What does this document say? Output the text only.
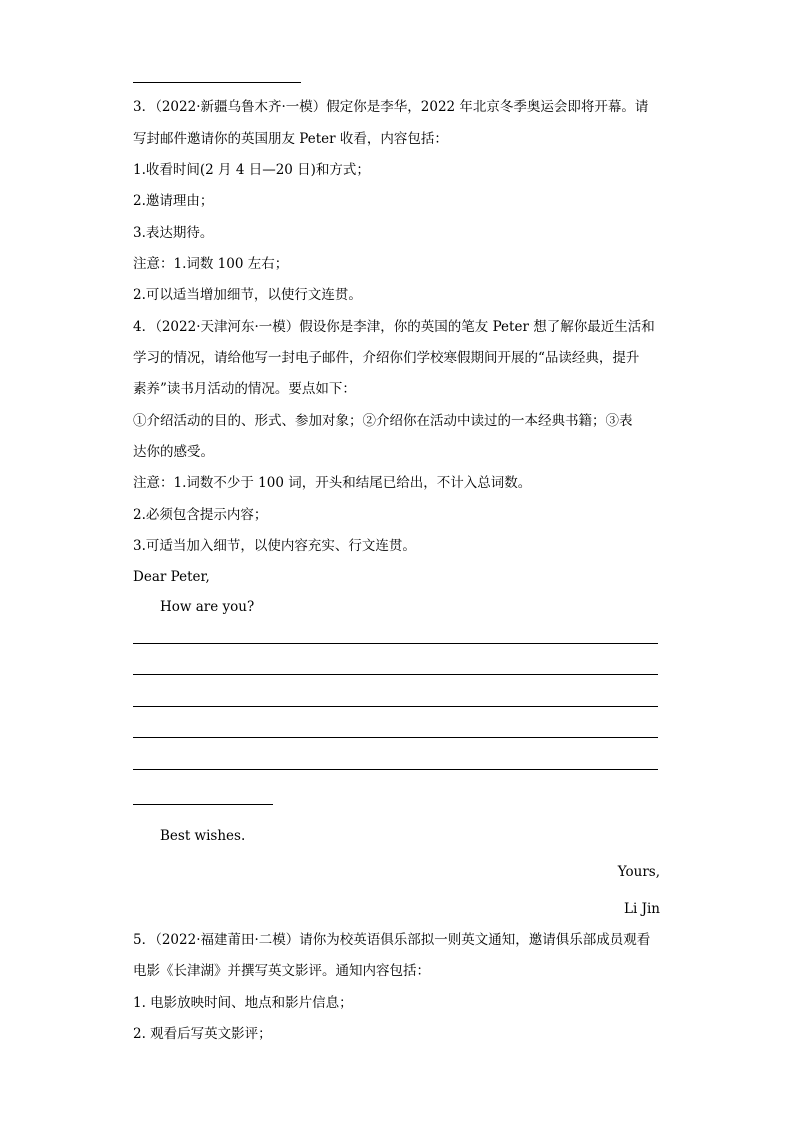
3．（2022·新疆乌鲁木齐·一模）假定你是李华，2022 年北京冬季奥运会即将开幕。请
写封邮件邀请你的英国朋友 Peter 收看，内容包括：
1.收看时间(2 月 4 日—20 日)和方式；
2.邀请理由；
3.表达期待。
注意：1.词数 100 左右；
2.可以适当增加细节，以使行文连贯。
4．（2022·天津河东·一模）假设你是李津，你的英国的笔友 Peter 想了解你最近生活和
学习的情况，请给他写一封电子邮件，介绍你们学校寒假期间开展的“品读经典，提升
素养”读书月活动的情况。要点如下：
①介绍活动的目的、形式、参加对象；②介绍你在活动中读过的一本经典书籍；③表
达你的感受。
注意：1.词数不少于 100 词，开头和结尾已给出，不计入总词数。
2.必须包含提示内容；
3.可适当加入细节，以使内容充实、行文连贯。
Dear Peter,
How are you?
Best wishes.
Yours,
Li Jin
5．（2022·福建莆田·二模）请你为校英语俱乐部拟一则英文通知，邀请俱乐部成员观看
电影《长津湖》并撰写英文影评。通知内容包括：
1. 电影放映时间、地点和影片信息；
2. 观看后写英文影评；
